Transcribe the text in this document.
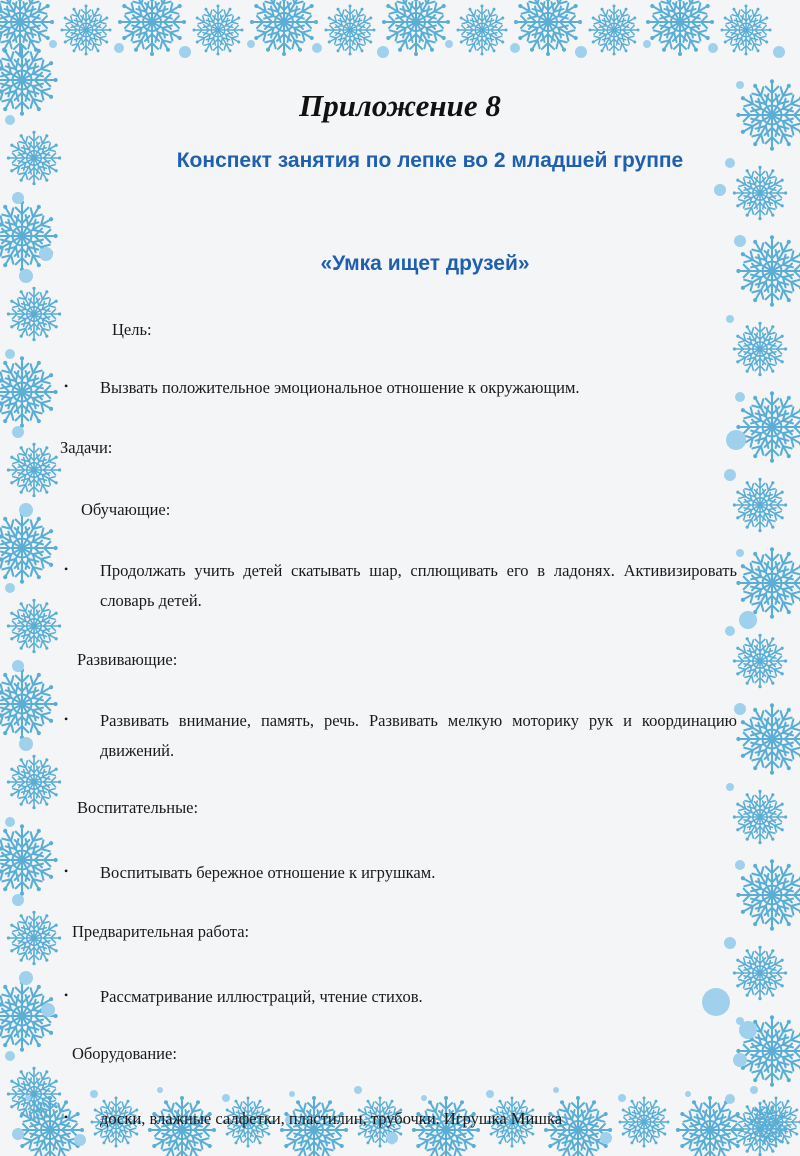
Приложение 8
Конспект занятия по лепке во 2 младшей группе
«Умка ищет друзей»
Цель:
• Вызвать положительное эмоциональное отношение к окружающим.
Задачи:
Обучающие:
• Продолжать учить детей скатывать шар, сплющивать его в ладонях. Активизировать словарь детей.
Развивающие:
• Развивать внимание, память, речь. Развивать мелкую моторику рук и координацию движений.
Воспитательные:
• Воспитывать бережное отношение к игрушкам.
Предварительная работа:
• Рассматривание иллюстраций, чтение стихов.
Оборудование:
• доски, влажные салфетки, пластилин, трубочки. Игрушка Мишка
